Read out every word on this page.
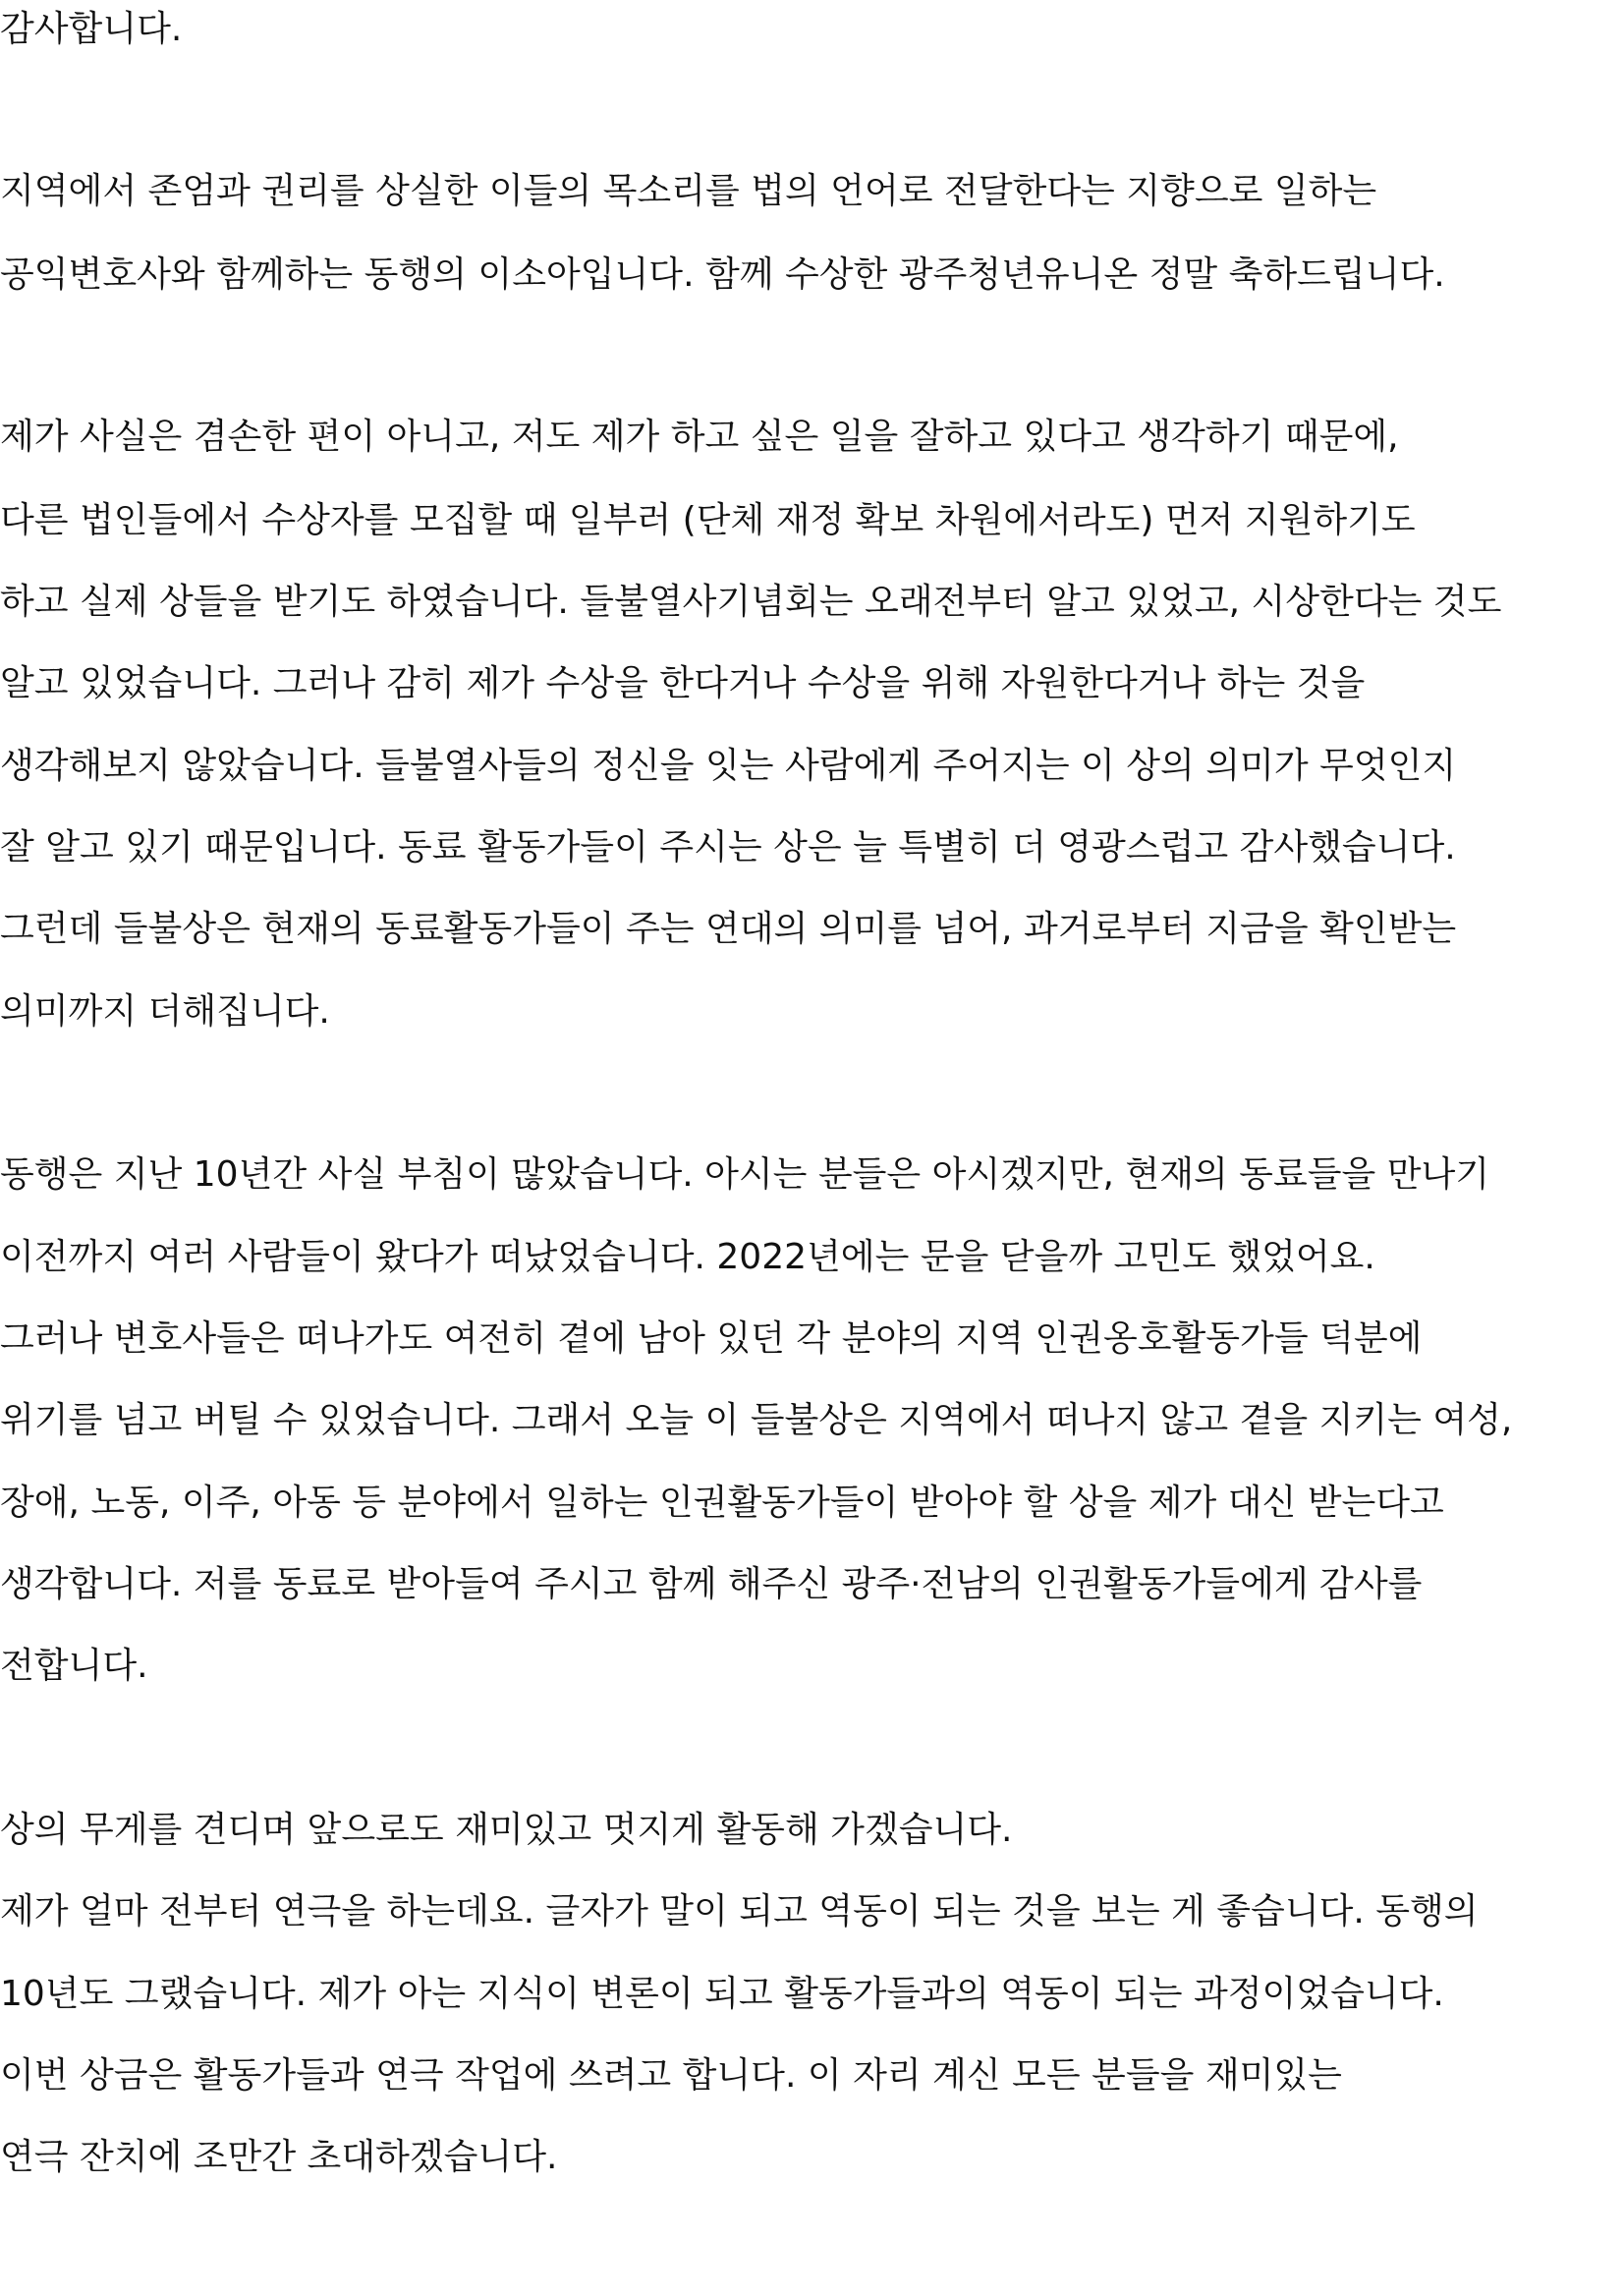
감사합니다.
지역에서 존엄과 권리를 상실한 이들의 목소리를 법의 언어로 전달한다는 지향으로 일하는
공익변호사와 함께하는 동행의 이소아입니다. 함께 수상한 광주청년유니온 정말 축하드립니다.
제가 사실은 겸손한 편이 아니고, 저도 제가 하고 싶은 일을 잘하고 있다고 생각하기 때문에,
다른 법인들에서 수상자를 모집할 때 일부러 (단체 재정 확보 차원에서라도) 먼저 지원하기도
하고 실제 상들을 받기도 하였습니다. 들불열사기념회는 오래전부터 알고 있었고, 시상한다는 것도
알고 있었습니다. 그러나 감히 제가 수상을 한다거나 수상을 위해 자원한다거나 하는 것을
생각해보지 않았습니다. 들불열사들의 정신을 잇는 사람에게 주어지는 이 상의 의미가 무엇인지
잘 알고 있기 때문입니다. 동료 활동가들이 주시는 상은 늘 특별히 더 영광스럽고 감사했습니다.
그런데 들불상은 현재의 동료활동가들이 주는 연대의 의미를 넘어, 과거로부터 지금을 확인받는
의미까지 더해집니다.
동행은 지난 10년간 사실 부침이 많았습니다. 아시는 분들은 아시겠지만, 현재의 동료들을 만나기
이전까지 여러 사람들이 왔다가 떠났었습니다. 2022년에는 문을 닫을까 고민도 했었어요.
그러나 변호사들은 떠나가도 여전히 곁에 남아 있던 각 분야의 지역 인권옹호활동가들 덕분에
위기를 넘고 버틸 수 있었습니다. 그래서 오늘 이 들불상은 지역에서 떠나지 않고 곁을 지키는 여성,
장애, 노동, 이주, 아동 등 분야에서 일하는 인권활동가들이 받아야 할 상을 제가 대신 받는다고
생각합니다. 저를 동료로 받아들여 주시고 함께 해주신 광주·전남의 인권활동가들에게 감사를
전합니다.
상의 무게를 견디며 앞으로도 재미있고 멋지게 활동해 가겠습니다.
제가 얼마 전부터 연극을 하는데요. 글자가 말이 되고 역동이 되는 것을 보는 게 좋습니다. 동행의
10년도 그랬습니다. 제가 아는 지식이 변론이 되고 활동가들과의 역동이 되는 과정이었습니다.
이번 상금은 활동가들과 연극 작업에 쓰려고 합니다. 이 자리 계신 모든 분들을 재미있는
연극 잔치에 조만간 초대하겠습니다.
